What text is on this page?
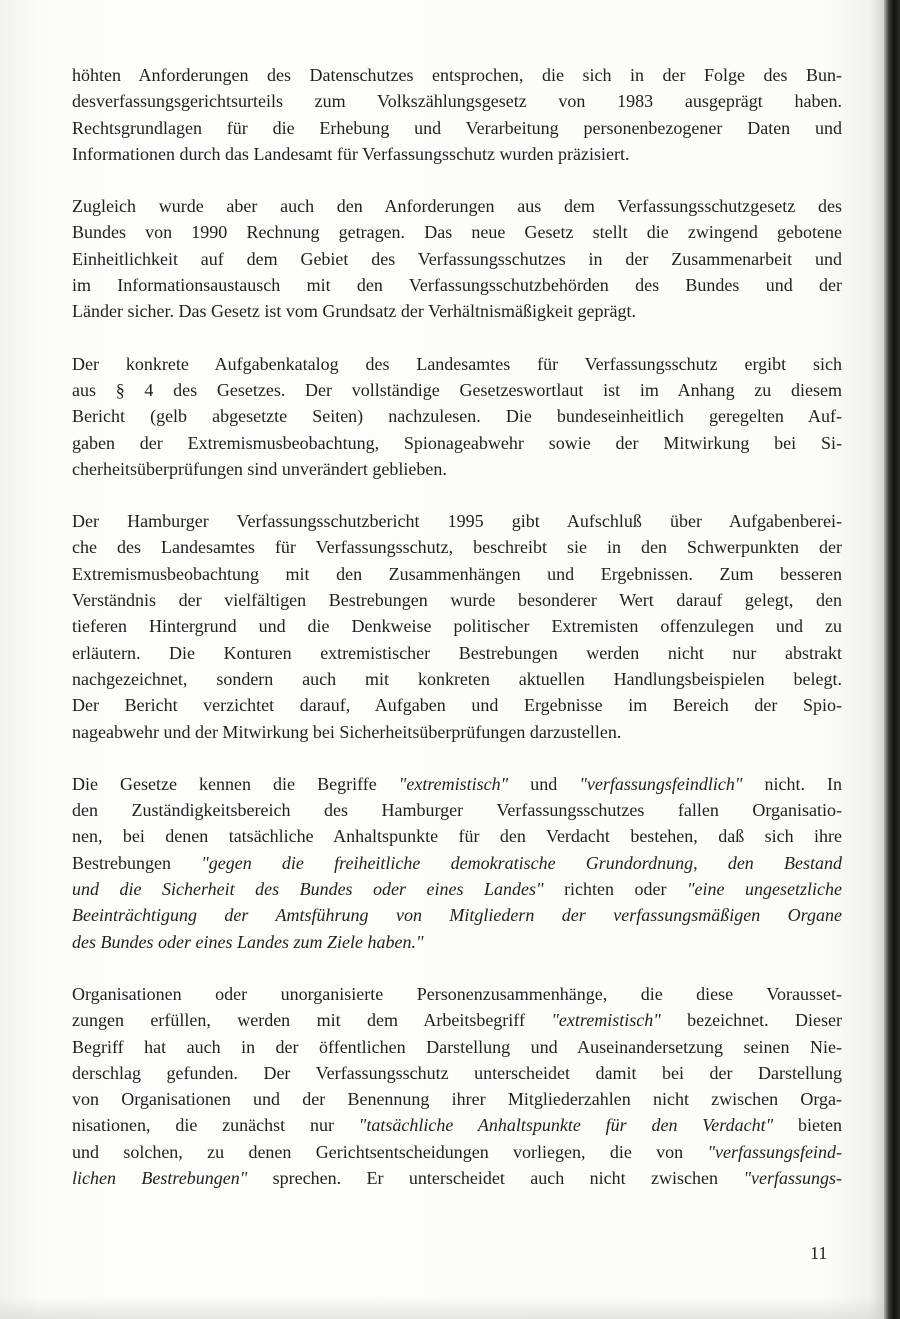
höhten Anforderungen des Datenschutzes entsprochen, die sich in der Folge des Bun-
desverfassungsgerichtsurteils zum Volkszählungsgesetz von 1983 ausgeprägt haben.
Rechtsgrundlagen für die Erhebung und Verarbeitung personenbezogener Daten und
Informationen durch das Landesamt für Verfassungsschutz wurden präzisiert.
Zugleich wurde aber auch den Anforderungen aus dem Verfassungsschutzgesetz des
Bundes von 1990 Rechnung getragen. Das neue Gesetz stellt die zwingend gebotene
Einheitlichkeit auf dem Gebiet des Verfassungsschutzes in der Zusammenarbeit und
im Informationsaustausch mit den Verfassungsschutzbehörden des Bundes und der
Länder sicher. Das Gesetz ist vom Grundsatz der Verhältnismäßigkeit geprägt.
Der konkrete Aufgabenkatalog des Landesamtes für Verfassungsschutz ergibt sich
aus § 4 des Gesetzes. Der vollständige Gesetzeswortlaut ist im Anhang zu diesem
Bericht (gelb abgesetzte Seiten) nachzulesen. Die bundeseinheitlich geregelten Auf-
gaben der Extremismusbeobachtung, Spionageabwehr sowie der Mitwirkung bei Si-
cherheitsüberprüfungen sind unverändert geblieben.
Der Hamburger Verfassungsschutzbericht 1995 gibt Aufschluß über Aufgabenberei-
che des Landesamtes für Verfassungsschutz, beschreibt sie in den Schwerpunkten der
Extremismusbeobachtung mit den Zusammenhängen und Ergebnissen. Zum besseren
Verständnis der vielfältigen Bestrebungen wurde besonderer Wert darauf gelegt, den
tieferen Hintergrund und die Denkweise politischer Extremisten offenzulegen und zu
erläutern. Die Konturen extremistischer Bestrebungen werden nicht nur abstrakt
nachgezeichnet, sondern auch mit konkreten aktuellen Handlungsbeispielen belegt.
Der Bericht verzichtet darauf, Aufgaben und Ergebnisse im Bereich der Spio-
nageabwehr und der Mitwirkung bei Sicherheitsüberprüfungen darzustellen.
Die Gesetze kennen die Begriffe "extremistisch" und "verfassungsfeindlich" nicht. In
den Zuständigkeitsbereich des Hamburger Verfassungsschutzes fallen Organisatio-
nen, bei denen tatsächliche Anhaltspunkte für den Verdacht bestehen, daß sich ihre
Bestrebungen "gegen die freiheitliche demokratische Grundordnung, den Bestand
und die Sicherheit des Bundes oder eines Landes" richten oder "eine ungesetzliche
Beeinträchtigung der Amtsführung von Mitgliedern der verfassungsmäßigen Organe
des Bundes oder eines Landes zum Ziele haben."
Organisationen oder unorganisierte Personenzusammenhänge, die diese Vorausset-
zungen erfüllen, werden mit dem Arbeitsbegriff "extremistisch" bezeichnet. Dieser
Begriff hat auch in der öffentlichen Darstellung und Auseinandersetzung seinen Nie-
derschlag gefunden. Der Verfassungsschutz unterscheidet damit bei der Darstellung
von Organisationen und der Benennung ihrer Mitgliederzahlen nicht zwischen Orga-
nisationen, die zunächst nur "tatsächliche Anhaltspunkte für den Verdacht" bieten
und solchen, zu denen Gerichtsentscheidungen vorliegen, die von "verfassungsfeind-
lichen Bestrebungen" sprechen. Er unterscheidet auch nicht zwischen "verfassungs-
11
